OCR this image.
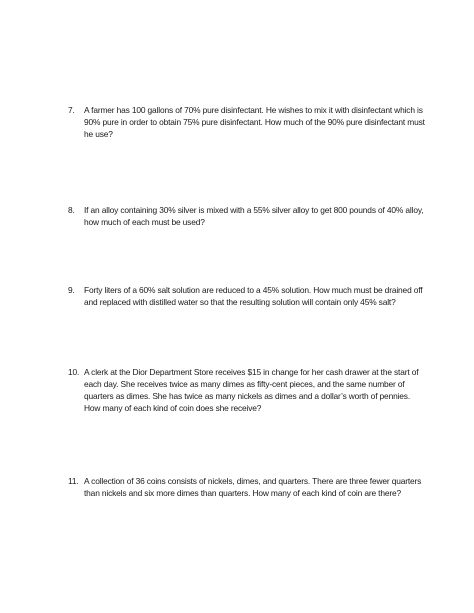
7.	A farmer has 100 gallons of 70% pure disinfectant. He wishes to mix it with disinfectant which is 90% pure in order to obtain 75% pure disinfectant. How much of the 90% pure disinfectant must he use?
8.	If an alloy containing 30% silver is mixed with a 55% silver alloy to get 800 pounds of 40% alloy, how much of each must be used?
9.	Forty liters of a 60% salt solution are reduced to a 45% solution. How much must be drained off and replaced with distilled water so that the resulting solution will contain only 45% salt?
10. A clerk at the Dior Department Store receives $15 in change for her cash drawer at the start of each day. She receives twice as many dimes as fifty-cent pieces, and the same number of quarters as dimes. She has twice as many nickels as dimes and a dollar’s worth of pennies. How many of each kind of coin does she receive?
11. A collection of 36 coins consists of nickels, dimes, and quarters. There are three fewer quarters than nickels and six more dimes than quarters. How many of each kind of coin are there?
